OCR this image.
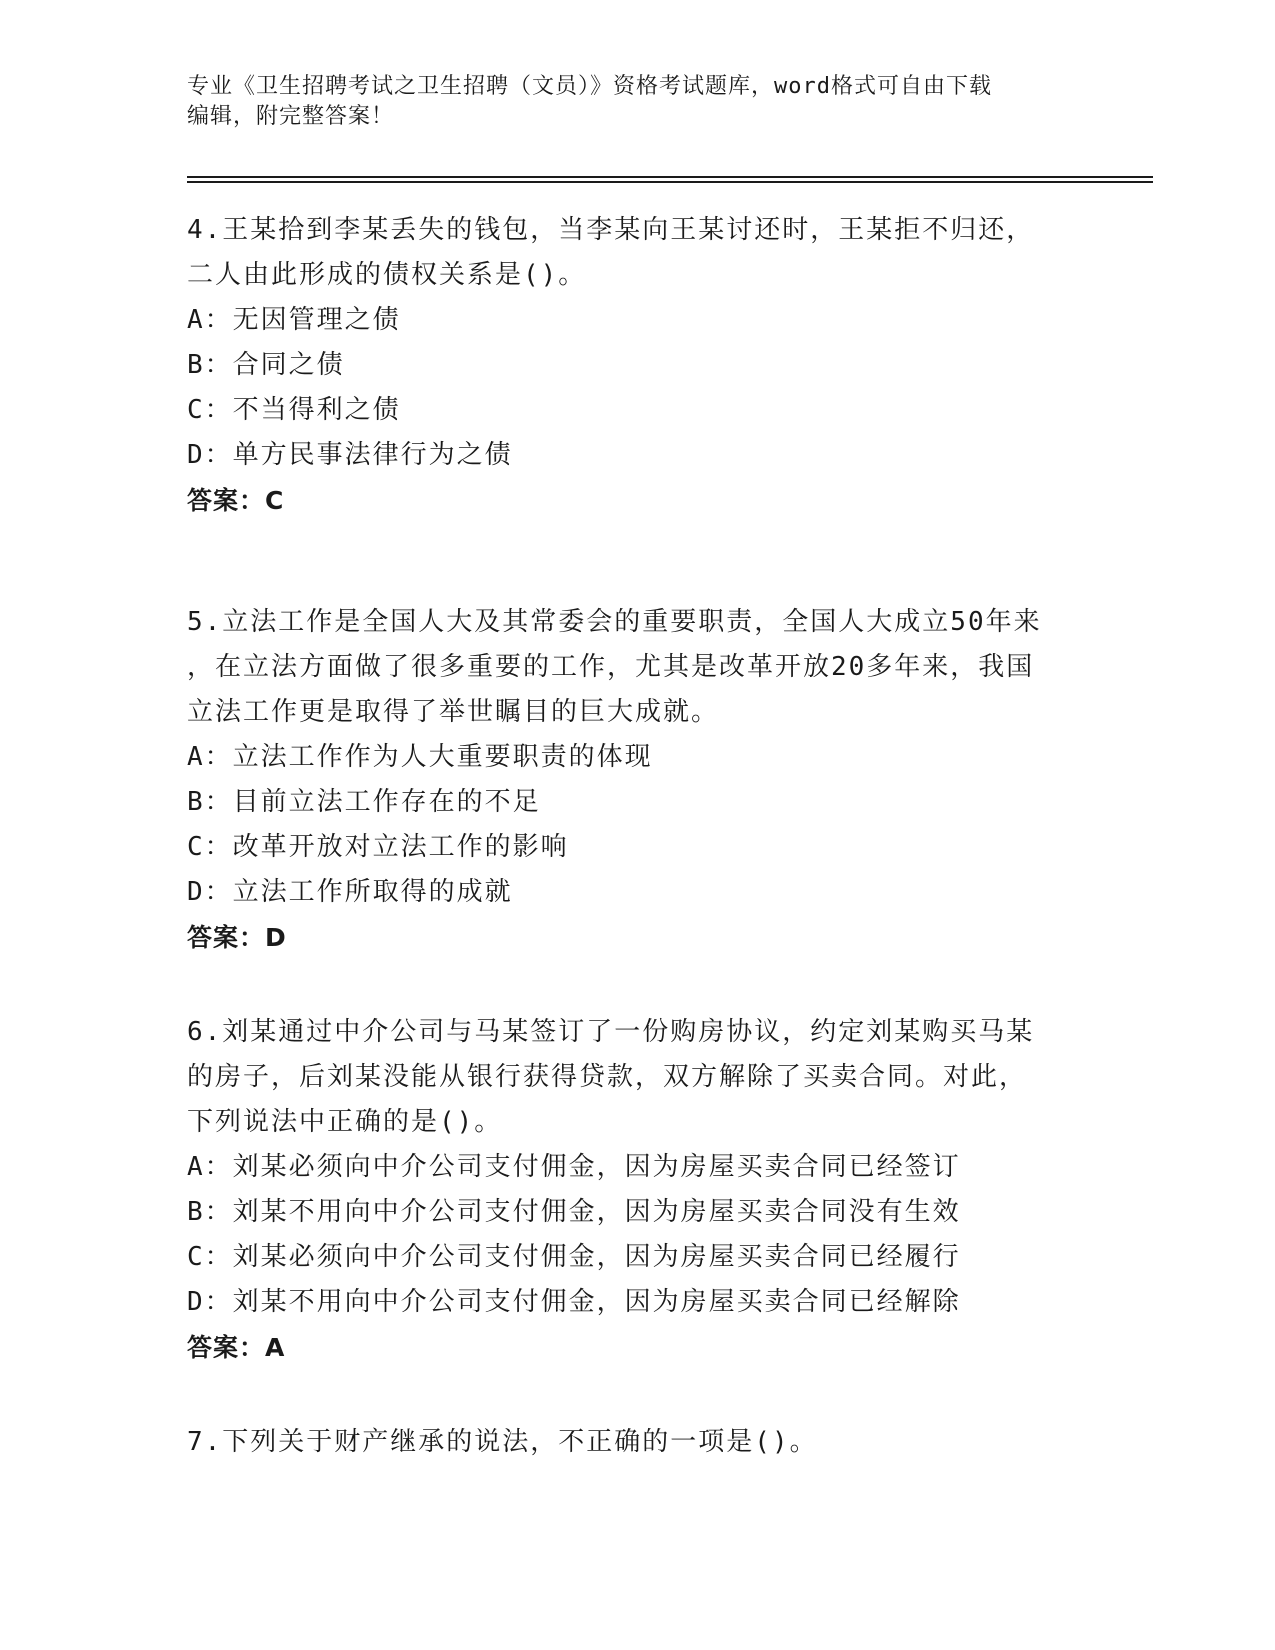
专业《卫生招聘考试之卫生招聘（文员）》资格考试题库，word格式可自由下载
编辑，附完整答案！
4.王某拾到李某丢失的钱包，当李某向王某讨还时，王某拒不归还，
二人由此形成的债权关系是()。
A：无因管理之债
B：合同之债
C：不当得利之债
D：单方民事法律行为之债
答案：C
5.立法工作是全国人大及其常委会的重要职责，全国人大成立50年来
，在立法方面做了很多重要的工作，尤其是改革开放20多年来，我国
立法工作更是取得了举世瞩目的巨大成就。
A：立法工作作为人大重要职责的体现
B：目前立法工作存在的不足
C：改革开放对立法工作的影响
D：立法工作所取得的成就
答案：D
6.刘某通过中介公司与马某签订了一份购房协议，约定刘某购买马某
的房子，后刘某没能从银行获得贷款，双方解除了买卖合同。对此，
下列说法中正确的是()。
A：刘某必须向中介公司支付佣金，因为房屋买卖合同已经签订
B：刘某不用向中介公司支付佣金，因为房屋买卖合同没有生效
C：刘某必须向中介公司支付佣金，因为房屋买卖合同已经履行
D：刘某不用向中介公司支付佣金，因为房屋买卖合同已经解除
答案：A
7.下列关于财产继承的说法，不正确的一项是()。
